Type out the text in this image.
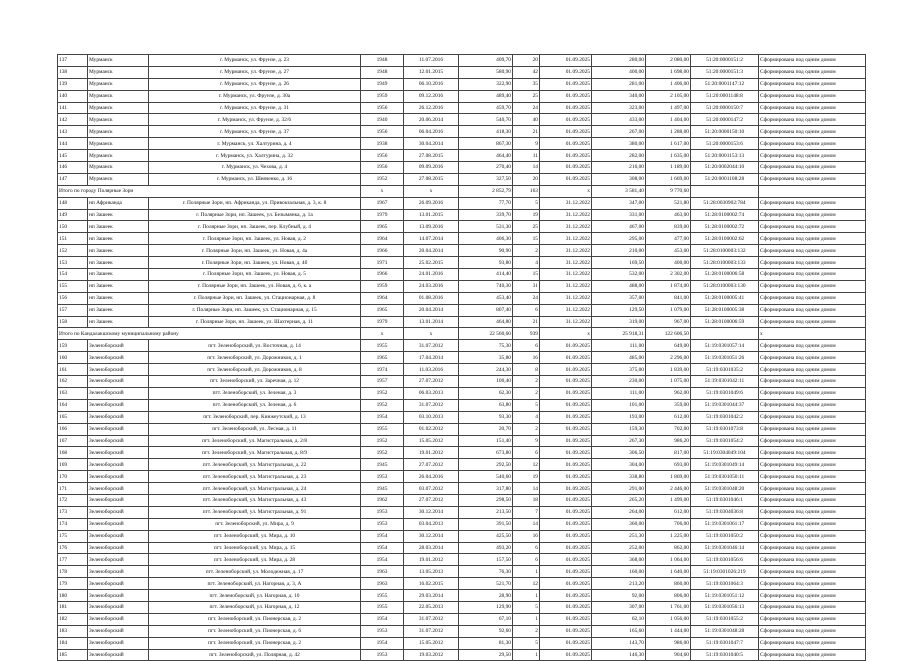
137	Мурманск	г. Мурманск, ул. Фрунзе, д. 23	1948	11.07.2016	409,70	20	01.09.2025	280,00	2 080,00	51:20:0000151:2	Сформирована под одним домом
138	Мурманск	г. Мурманск, ул. Фрунзе, д. 27	1948	12.01.2015	580,90	42	01.09.2025	400,00	1 698,00	51:20:0000151:3	Сформирована под одним домом
139	Мурманск	г. Мурманск, ул. Фрунзе, д. 26	1949	06.10.2016	322,90	35	01.09.2025	281,00	1 406,00	51:20:0001147:12	Сформирована под одним домом
140	Мурманск	г. Мурманск, ул. Фрунзе, д. 30а	1959	09.12.2016	489,40	25	01.09.2025	340,00	2 105,00	51:20:0001148:8	Сформирована под одним домом
141	Мурманск	г. Мурманск, ул. Фрунзе, д. 31	1956	26.12.2016	459,70	24	01.09.2025	323,00	1 497,00	51:20:0000150:7	Сформирована под одним домом
142	Мурманск	г. Мурманск, ул. Фрунзе, д. 32/6	1940	20.06.2014	540,70	40	01.09.2025	433,00	1 404,00	51:20:0000147:2	Сформирована под одним домом
143	Мурманск	г. Мурманск, ул. Фрунзе, д. 37	1956	06.04.2016	418,30	21	01.09.2025	267,00	1 288,00	51:20:0000150:10	Сформирована под одним домом
144	Мурманск	г. Мурманск, ул. Халтурина, д. 4	1938	30.04.2014	867,30	9	01.09.2025	380,00	1 617,00	51:20:0000153:6	Сформирована под одним домом
145	Мурманск	г. Мурманск, ул. Халтурина, д. 32	1956	27.08.2015	464,40	11	01.09.2025	282,00	1 635,00	51:20:0001153:13	Сформирована под одним домом
146	Мурманск	г. Мурманск, ул. Чехова, д. 4	1956	09.09.2016	270,40	14	01.09.2025	216,00	1 189,00	51:20:0002044:10	Сформирована под одним домом
147	Мурманск	г. Мурманск, ул. Шевченко, д. 16	1952	27.08.2015	327,50	20	01.09.2025	308,00	1 669,00	51:20:0001108:28	Сформирована под одним домом
Итого по городу Полярные Зори			x	x	2 852,79	163	x	3 581,40	9 770,60		
148	нп Африканда	г. Полярные Зори, нп. Африканда, ул. Привокзальная, д. 3, к. 8	1967	26.09.2016	77,70	5	31.12.2022	347,00	521,80	51:28:0030902:784	Сформирована под одним домом
149	нп Зашеек	г. Полярные Зори, нп. Зашеек, ул. Безымянка, д. 1а	1979	13.01.2015	339,70	19	31.12.2022	331,00	463,00	51:28:0100002:74	Сформирована под одним домом
150	нп Зашеек	г. Полярные Зори, нп. Зашеек, пер. Клубный, д. 4	1965	13.09.2016	531,30	25	31.12.2022	467,00	839,00	51:28:0100002:72	Сформирована под одним домом
151	нп Зашеек	г. Полярные Зори, нп. Зашеек, ул. Новая, д. 2	1964	14.07.2014	406,30	15	31.12.2022	295,00	477,00	51:28:0100002:62	Сформирована под одним домом
152	нп Зашеек	г. Полярные Зори, нп. Зашеек, ул. Новая, д. 4а	1966	20.04.2014	90,90	2	31.12.2022	210,00	453,00	51:28:0100003:132	Сформирована под одним домом
153	нп Зашеек	г. Полярные Зори, нп. Зашеек, ул. Новая, д. 4б	1971	25.02.2015	93,80	4	31.12.2022	169,50	400,00	51:28:0100003:133	Сформирована под одним домом
154	нп Зашеек	г. Полярные Зори, нп. Зашеек, ул. Новая, д. 5	1966	24.01.2016	414,40	15	31.12.2022	532,00	2 302,00	51:28:0100006:58	Сформирована под одним домом
155	нп Зашеек	г. Полярные Зори, нп. Зашеек, ул. Новая, д. 6, к. а	1959	24.03.2016	740,30	31	31.12.2022	488,00	1 874,00	51:28:0100003:130	Сформирована под одним домом
156	нп Зашеек	г. Полярные Зори, нп. Зашеек, ул. Стационарная, д. 8	1964	01.08.2016	453,40	24	31.12.2022	357,00	841,00	51:28:0100005:41	Сформирована под одним домом
157	нп Зашеек	г. Полярные Зори, нп. Зашеек, ул. Стационарная, д. 15	1965	20.04.2014	807,40	6	31.12.2022	129,50	1 079,00	51:28:0100005:38	Сформирована под одним домом
158	нп Зашеек	г. Полярные Зори, нп. Зашеек, ул. Шахтерная, д. 11	1979	13.01.2014	464,80	21	31.12.2022	319,00	967,00	51:28:0100006:59	Сформирована под одним домом
Итого по Кандалакшскому муниципальному району			x	x	22 560,60	939	x	25 918,31	122 606,50		x
159	Зеленоборский	пгт. Зеленоборский, ул. Восточная, д. 14	1955	31.07.2012	75,30	6	01.09.2025	111,00	649,00	51:19:0301057:14	Сформирована под одним домом
160	Зеленоборский	пгт. Зеленоборский, ул. Дорожников, д. 1	1965	17.04.2014	35,80	16	01.09.2025	485,00	2 296,00	51:19:0301051:26	Сформирована под одним домом
161	Зеленоборский	пгт. Зеленоборский, ул. Дорожников, д. 8	1974	11.03.2016	244,30	8	01.09.2025	375,00	1 839,00	51:19:0301035:2	Сформирована под одним домом
162	Зеленоборский	пгт. Зеленоборский, ул. Заречная, д. 12	1957	27.07.2012	100,40	2	01.09.2025	230,00	1 075,00	51:19:0301042:11	Сформирована под одним домом
163	Зеленоборский	пгт. Зеленоборский, ул. Зеленая, д. 3	1952	06.03.2013	62,30	2	01.09.2025	111,00	962,00	51:19:0301049:6	Сформирована под одним домом
164	Зеленоборский	пгт. Зеленоборский, ул. Зеленая, д. 6	1952	31.07.2012	63,80	5	01.09.2025	101,00	359,00	51:19:0301044:37	Сформирована под одним домом
165	Зеленоборский	пгт. Зеленоборский, пер. Кинжеутский, д. 13	1954	03.10.2013	93,30	4	01.09.2025	193,00	612,00	51:19:0301042:2	Сформирована под одним домом
166	Зеленоборский	пгт. Зеленоборский, ул. Лесная, д. 11	1955	01.02.2012	20,70	2	01.09.2025	159,30	702,00	51:19:0301073:8	Сформирована под одним домом
167	Зеленоборский	пгт. Зеленоборский, ул. Магистральная, д. 2/8	1952	15.05.2012	151,40	9	01.09.2025	267,30	986,20	51:19:0301054:2	Сформирована под одним домом
168	Зеленоборский	пгт. Зеленоборский, ул. Магистральная, д. 8/9	1952	19.01.2012	673,80	6	01.09.2025	306,50	817,00	51:19:0304049:104	Сформирована под одним домом
169	Зеленоборский	пгт. Зеленоборский, ул. Магистральная, д. 22	1945	27.07.2012	292,50	12	01.09.2025	304,00	693,00	51:19:0301049:14	Сформирована под одним домом
170	Зеленоборский	пгт. Зеленоборский, ул. Магистральная, д. 23	1953	26.04.2016	540,60	19	01.09.2025	338,80	1 869,00	51:19:0301050:11	Сформирована под одним домом
171	Зеленоборский	пгт. Зеленоборский, ул. Магистральная, д. 24	1945	03.07.2012	317,80	14	01.09.2025	291,00	2 446,00	51:19:0301048:20	Сформирована под одним домом
172	Зеленоборский	пгт. Зеленоборский, ул. Магистральная, д. 43	1962	27.07.2012	298,50	18	01.09.2025	265,20	1 499,00	51:19:0301046:1	Сформирована под одним домом
173	Зеленоборский	пгт. Зеленоборский, ул. Магистральная, д. 91	1953	30.12.2014	213,50	7	01.09.2025	264,00	612,00	51:19:0304036:8	Сформирована под одним домом
174	Зеленоборский	пгт. Зеленоборский, ул. Мира, д. 9	1953	03.04.2013	391,50	14	01.09.2025	360,00	706,00	51:19:0301061:17	Сформирована под одним домом
175	Зеленоборский	пгт. Зеленоборский, ул. Мира, д. 10	1954	30.12.2014	425,50	16	01.09.2025	251,30	1 225,00	51:19:0301050:2	Сформирована под одним домом
176	Зеленоборский	пгт. Зеленоборский, ул. Мира, д. 15	1954	28.03.2014	493,20	6	01.09.2025	252,00	862,00	51:19:0301046:14	Сформирована под одним домом
177	Зеленоборский	пгт. Зеленоборский, ул. Мира, д. 28	1954	19.01.2012	157,50	6	01.09.2025	368,00	1 064,00	51:19:0301056:6	Сформирована под одним домом
178	Зеленоборский	пгт. Зеленоборский, ул. Молодежная, д. 17	1963	13.05.2013	76,30	1	01.09.2025	160,00	1 640,00	51:19:0301026:219	Сформирована под одним домом
179	Зеленоборский	пгт. Зеленоборский, ул. Нагорная, д. 3, А	1963	16.02.2015	521,70	12	01.09.2025	213,20	860,00	51:19:0301064:3	Сформирована под одним домом
180	Зеленоборский	пгт. Зеленоборский, ул. Нагорная, д. 10	1955	29.03.2014	28,90	1	01.09.2025	92,00	806,00	51:19:0301051:12	Сформирована под одним домом
181	Зеленоборский	пгт. Зеленоборский, ул. Нагорная, д. 12	1955	22.05.2013	129,90	5	01.09.2025	307,00	1 761,00	51:19:0301056:13	Сформирована под одним домом
182	Зеленоборский	пгт. Зеленоборский, ул. Пионерская, д. 2	1954	31.07.2012	67,10	1	01.09.2025	62,10	1 056,00	51:19:0301055:2	Сформирована под одним домом
183	Зеленоборский	пгт. Зеленоборский, ул. Пионерская, д. 6	1953	31.07.2012	92,60	2	01.09.2025	165,60	1 444,00	51:19:0301048:28	Сформирована под одним домом
184	Зеленоборский	пгт. Зеленоборский, ул. Пионерская, д. 2	1954	15.05.2012	81,30	5	01.09.2025	143,70	986,00	51:19:0301047:7	Сформирована под одним домом
185	Зеленоборский	пгт. Зеленоборский, ул. Полярная, д. 42	1953	19.03.2012	29,50	1	01.09.2025	146,30	904,60	51:19:0301040:5	Сформирована под одним домом
